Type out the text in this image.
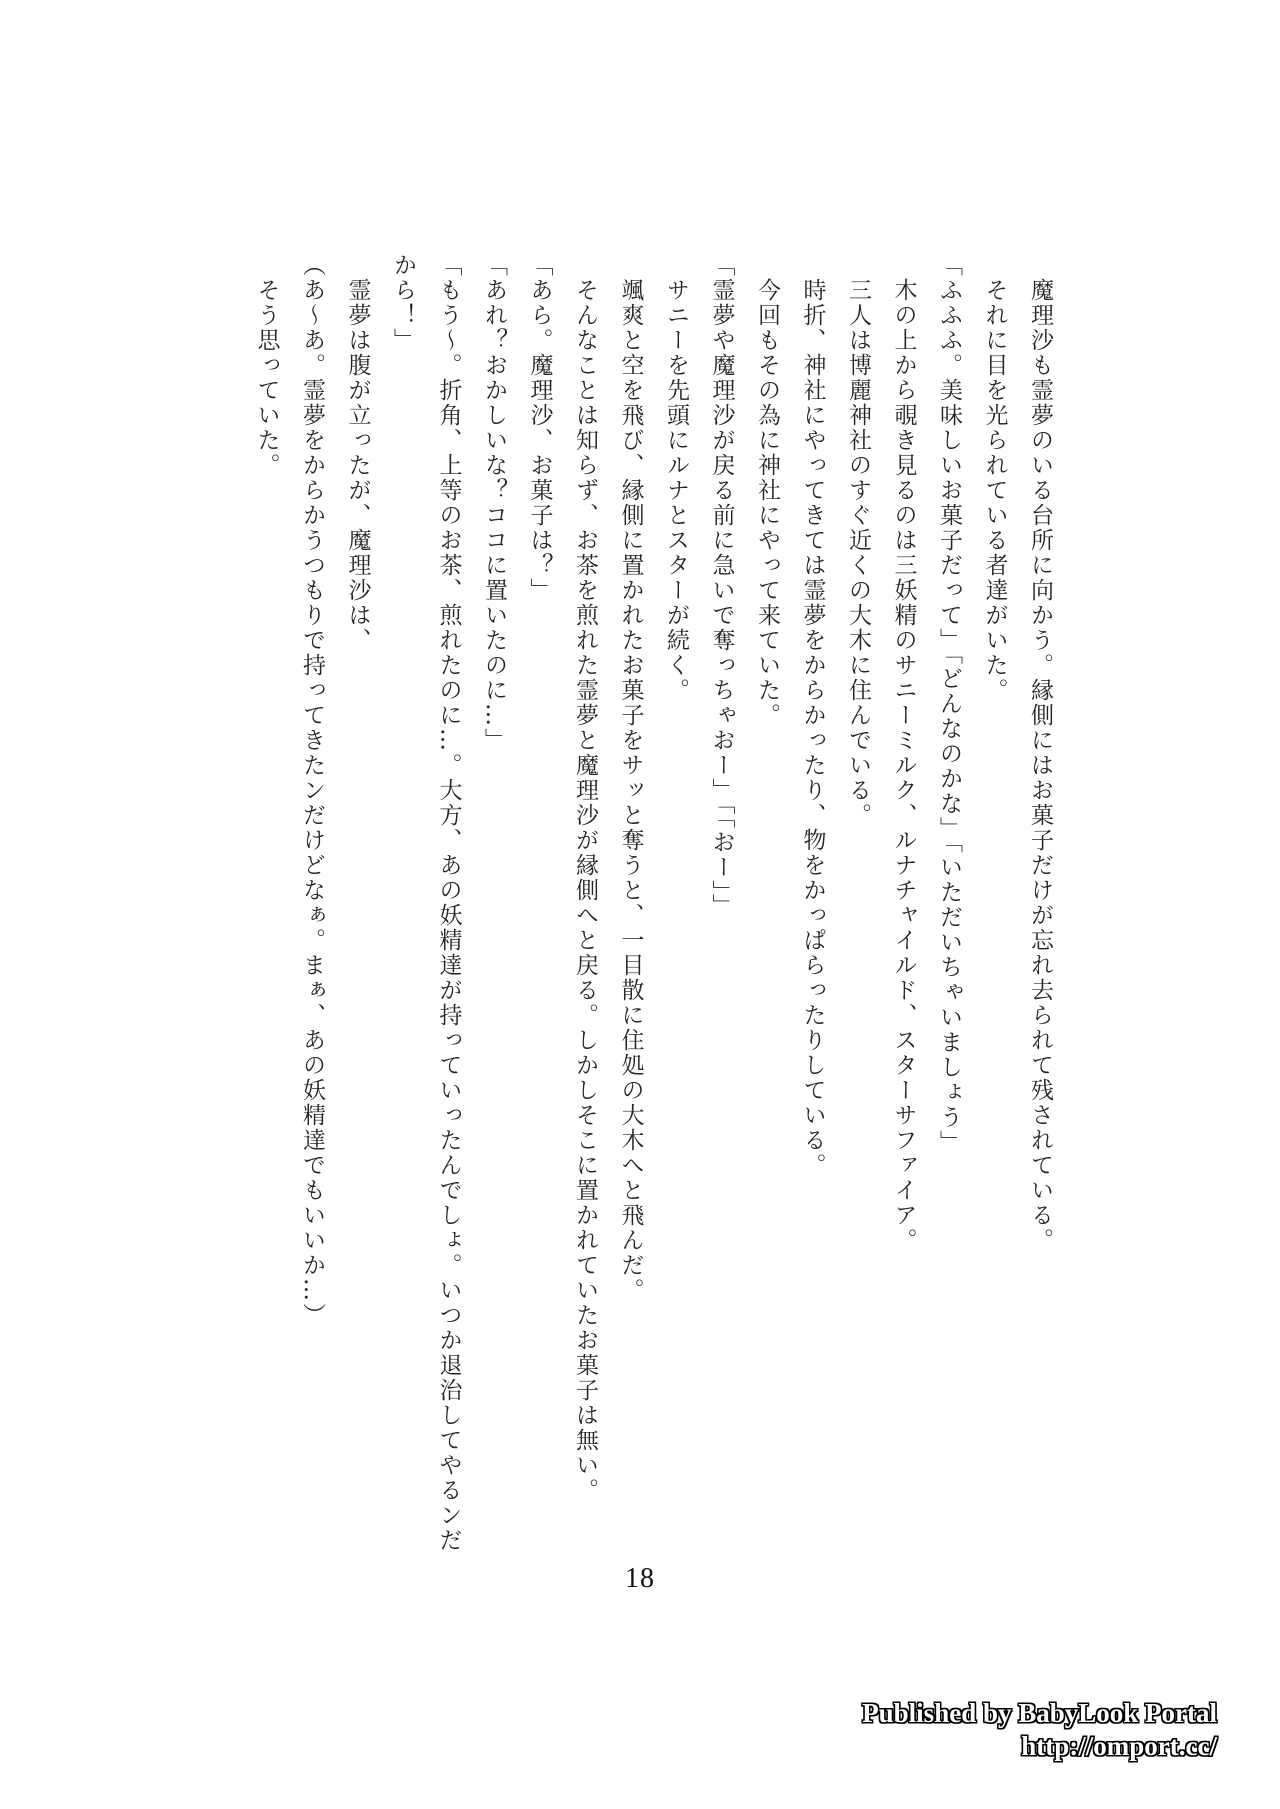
魔理沙も霊夢のいる台所に向かう。縁側にはお菓子だけが忘れ去られて残されている。

それに目を光られている者達がいた。

「ふふふ。美味しいお菓子だって」「どんなのかな」「いただいちゃいましょう」

木の上から覗き見るのは三妖精のサニーミルク、ルナチャイルド、スターサファイア。

三人は博麗神社のすぐ近くの大木に住んでいる。

時折、神社にやってきては霊夢をからかったり、物をかっぱらったりしている。

今回もその為に神社にやって来ていた。

「霊夢や魔理沙が戻る前に急いで奪っちゃおー」「「おー」」

サニーを先頭にルナとスターが続く。

颯爽と空を飛び、縁側に置かれたお菓子をサッと奪うと、一目散に住処の大木へと飛んだ。

そんなことは知らず、お茶を煎れた霊夢と魔理沙が縁側へと戻る。しかしそこに置かれていたお菓子は無い。

「あら。魔理沙、お菓子は？」

「あれ？おかしいな？ココに置いたのに…」

「もう〜。折角、上等のお茶、煎れたのに…。大方、あの妖精達が持っていったんでしょ。いつか退治してやるンだから！」

霊夢は腹が立ったが、魔理沙は、

（あ〜あ。霊夢をからかうつもりで持ってきたンだけどなぁ。まぁ、あの妖精達でもいいか…）

そう思っていた。

18
Published by BabyLook Portal
http://omport.cc/
